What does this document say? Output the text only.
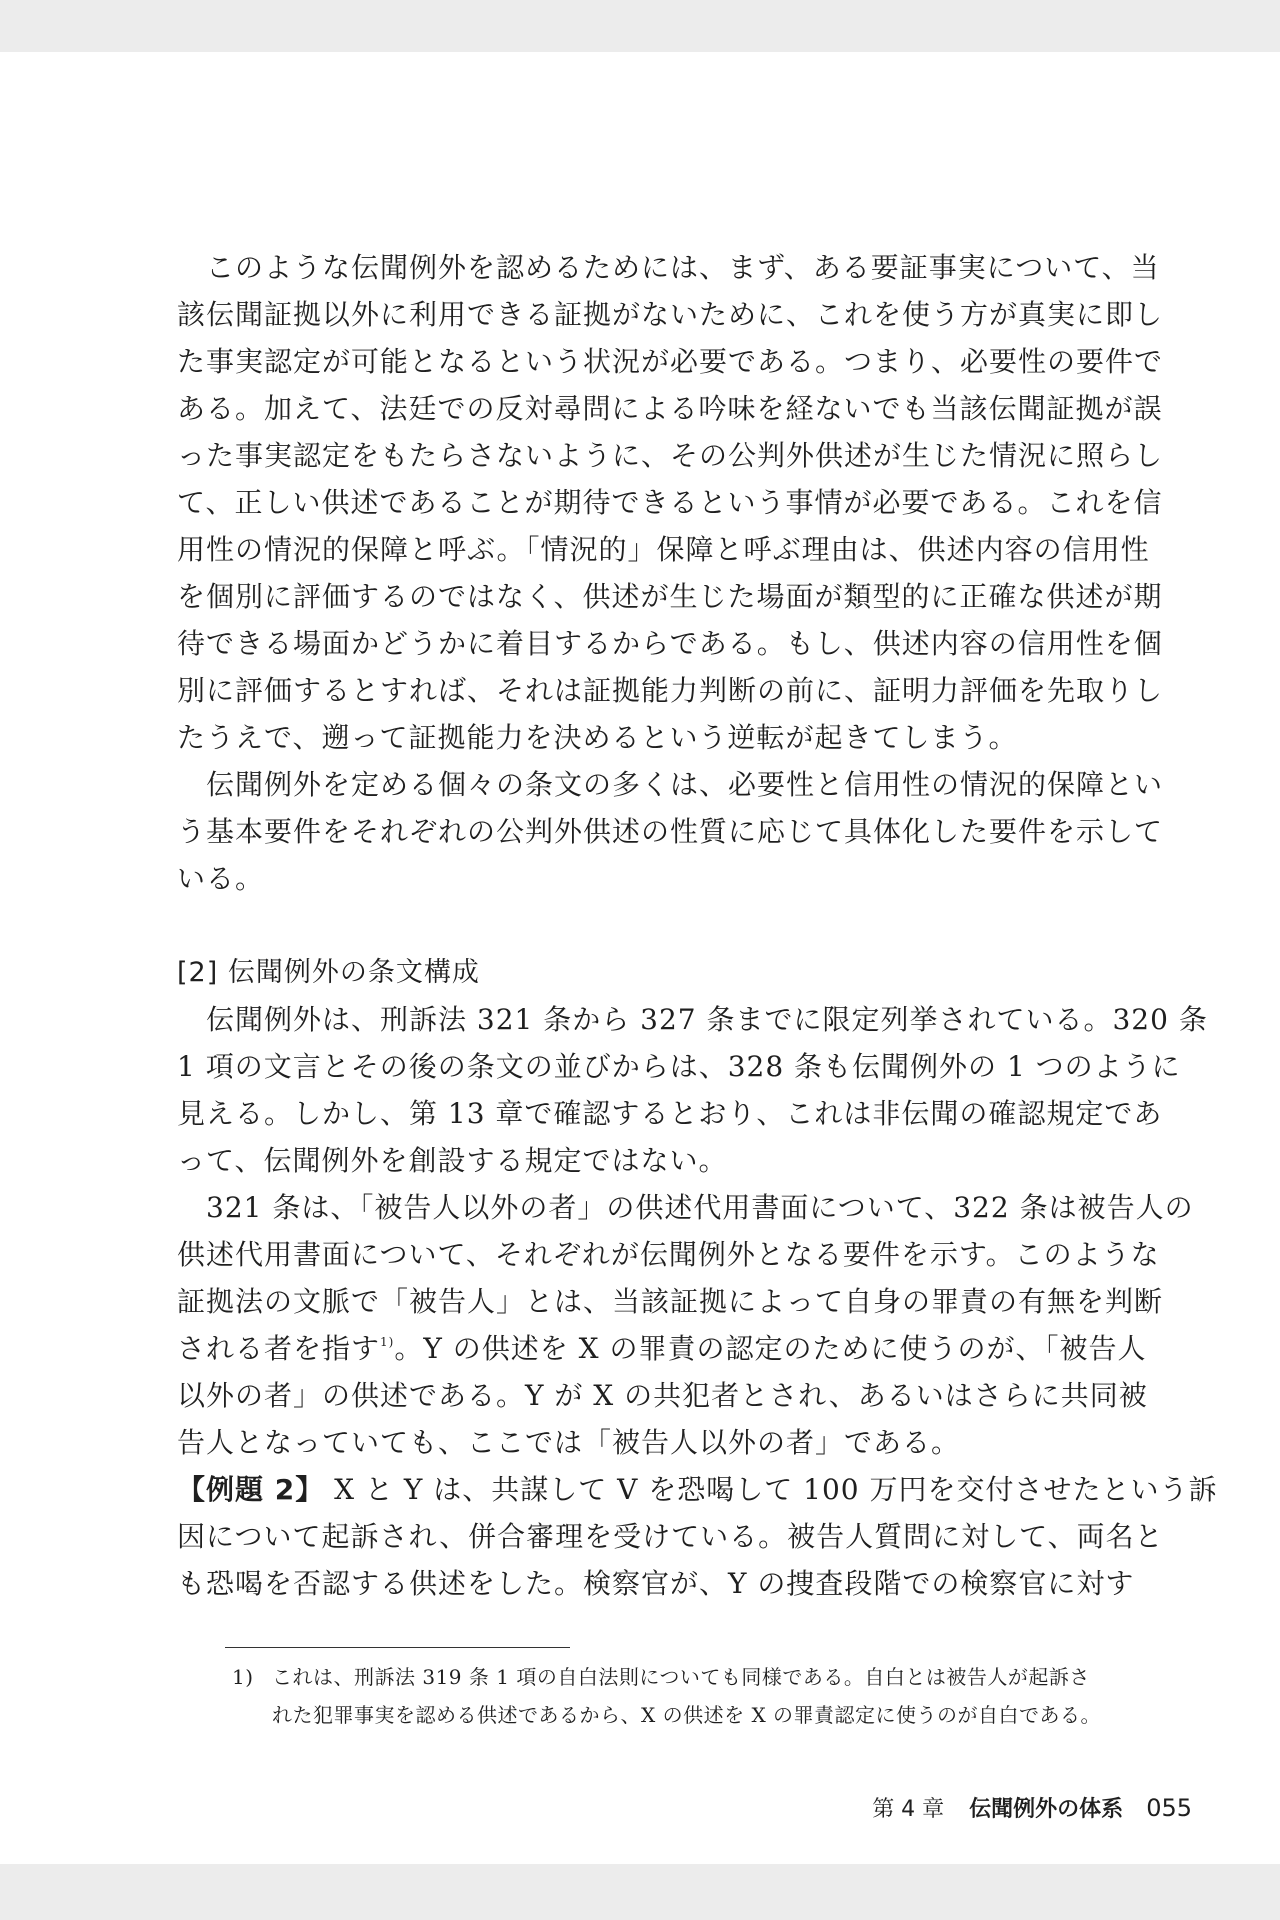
　このような伝聞例外を認めるためには、まず、ある要証事実について、当
該伝聞証拠以外に利用できる証拠がないために、これを使う方が真実に即し
た事実認定が可能となるという状況が必要である。つまり、必要性の要件で
ある。加えて、法廷での反対尋問による吟味を経ないでも当該伝聞証拠が誤
った事実認定をもたらさないように、その公判外供述が生じた情況に照らし
て、正しい供述であることが期待できるという事情が必要である。これを信
用性の情況的保障と呼ぶ。「情況的」保障と呼ぶ理由は、供述内容の信用性
を個別に評価するのではなく、供述が生じた場面が類型的に正確な供述が期
待できる場面かどうかに着目するからである。もし、供述内容の信用性を個
別に評価するとすれば、それは証拠能力判断の前に、証明力評価を先取りし
たうえで、遡って証拠能力を決めるという逆転が起きてしまう。
　伝聞例外を定める個々の条文の多くは、必要性と信用性の情況的保障とい
う基本要件をそれぞれの公判外供述の性質に応じて具体化した要件を示して
いる。
[2] 伝聞例外の条文構成
　伝聞例外は、刑訴法 321 条から 327 条までに限定列挙されている。320 条
1 項の文言とその後の条文の並びからは、328 条も伝聞例外の 1 つのように
見える。しかし、第 13 章で確認するとおり、これは非伝聞の確認規定であ
って、伝聞例外を創設する規定ではない。
　321 条は、「被告人以外の者」の供述代用書面について、322 条は被告人の
供述代用書面について、それぞれが伝聞例外となる要件を示す。このような
証拠法の文脈で「被告人」とは、当該証拠によって自身の罪責の有無を判断
される者を指す$^{1)}$。Y の供述を X の罪責の認定のために使うのが、「被告人
以外の者」の供述である。Y が X の共犯者とされ、あるいはさらに共同被
告人となっていても、ここでは「被告人以外の者」である。
【例題 2】 X と Y は、共謀して V を恐喝して 100 万円を交付させたという訴
因について起訴され、併合審理を受けている。被告人質問に対して、両名と
も恐喝を否認する供述をした。検察官が、Y の捜査段階での検察官に対す
1) これは、刑訴法 319 条 1 項の自白法則についても同様である。自白とは被告人が起訴さ
れた犯罪事実を認める供述であるから、X の供述を X の罪責認定に使うのが自白である。
第 4 章 伝聞例外の体系 055
